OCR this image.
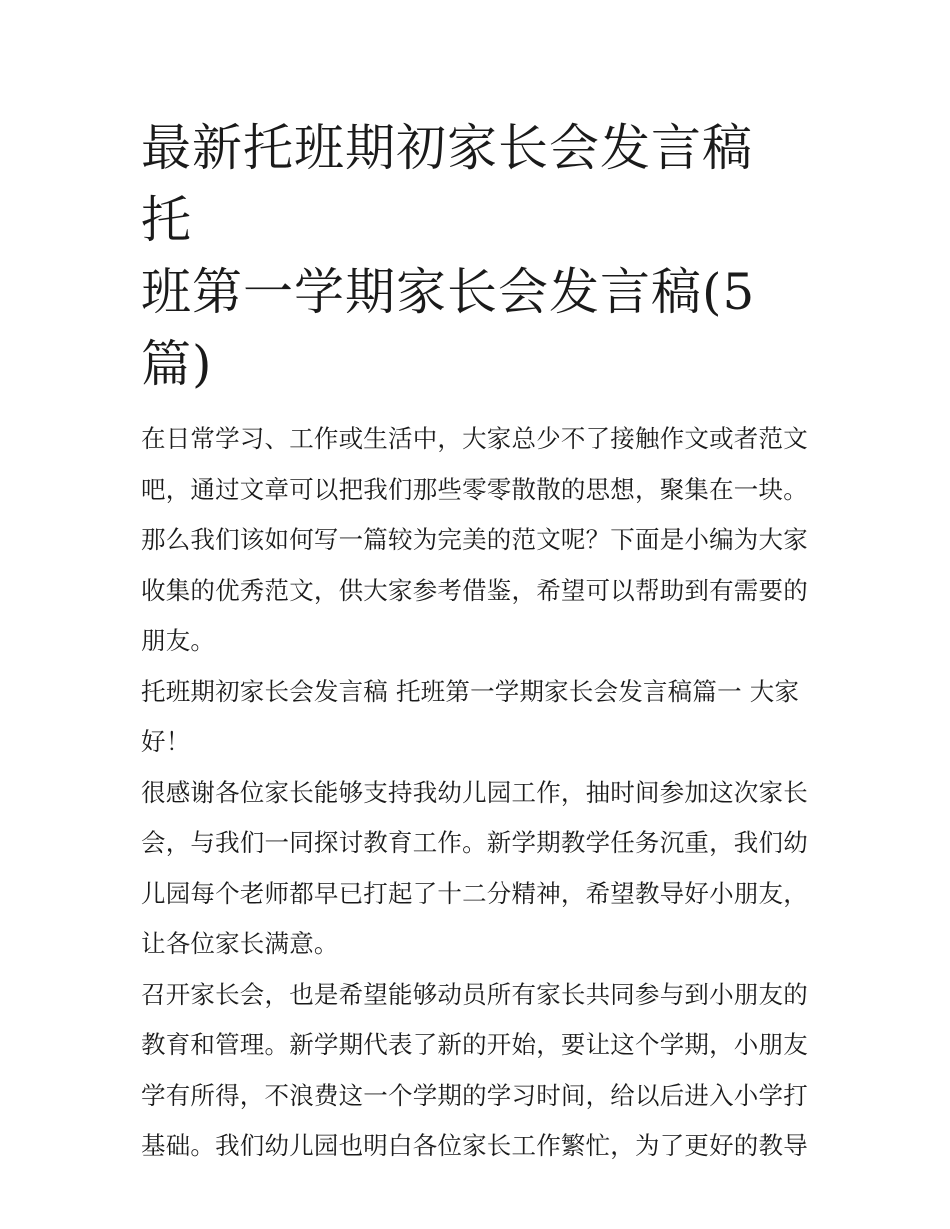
最新托班期初家长会发言稿 托
班第一学期家长会发言稿(5
篇)

在日常学习、工作或生活中，大家总少不了接触作文或者范文
吧，通过文章可以把我们那些零零散散的思想，聚集在一块。
那么我们该如何写一篇较为完美的范文呢？下面是小编为大家
收集的优秀范文，供大家参考借鉴，希望可以帮助到有需要的
朋友。

托班期初家长会发言稿 托班第一学期家长会发言稿篇一 大家
好！

很感谢各位家长能够支持我幼儿园工作，抽时间参加这次家长
会，与我们一同探讨教育工作。新学期教学任务沉重，我们幼
儿园每个老师都早已打起了十二分精神，希望教导好小朋友，
让各位家长满意。

召开家长会，也是希望能够动员所有家长共同参与到小朋友的
教育和管理。新学期代表了新的开始，要让这个学期，小朋友
学有所得，不浪费这一个学期的学习时间，给以后进入小学打
基础。我们幼儿园也明白各位家长工作繁忙，为了更好的教导
